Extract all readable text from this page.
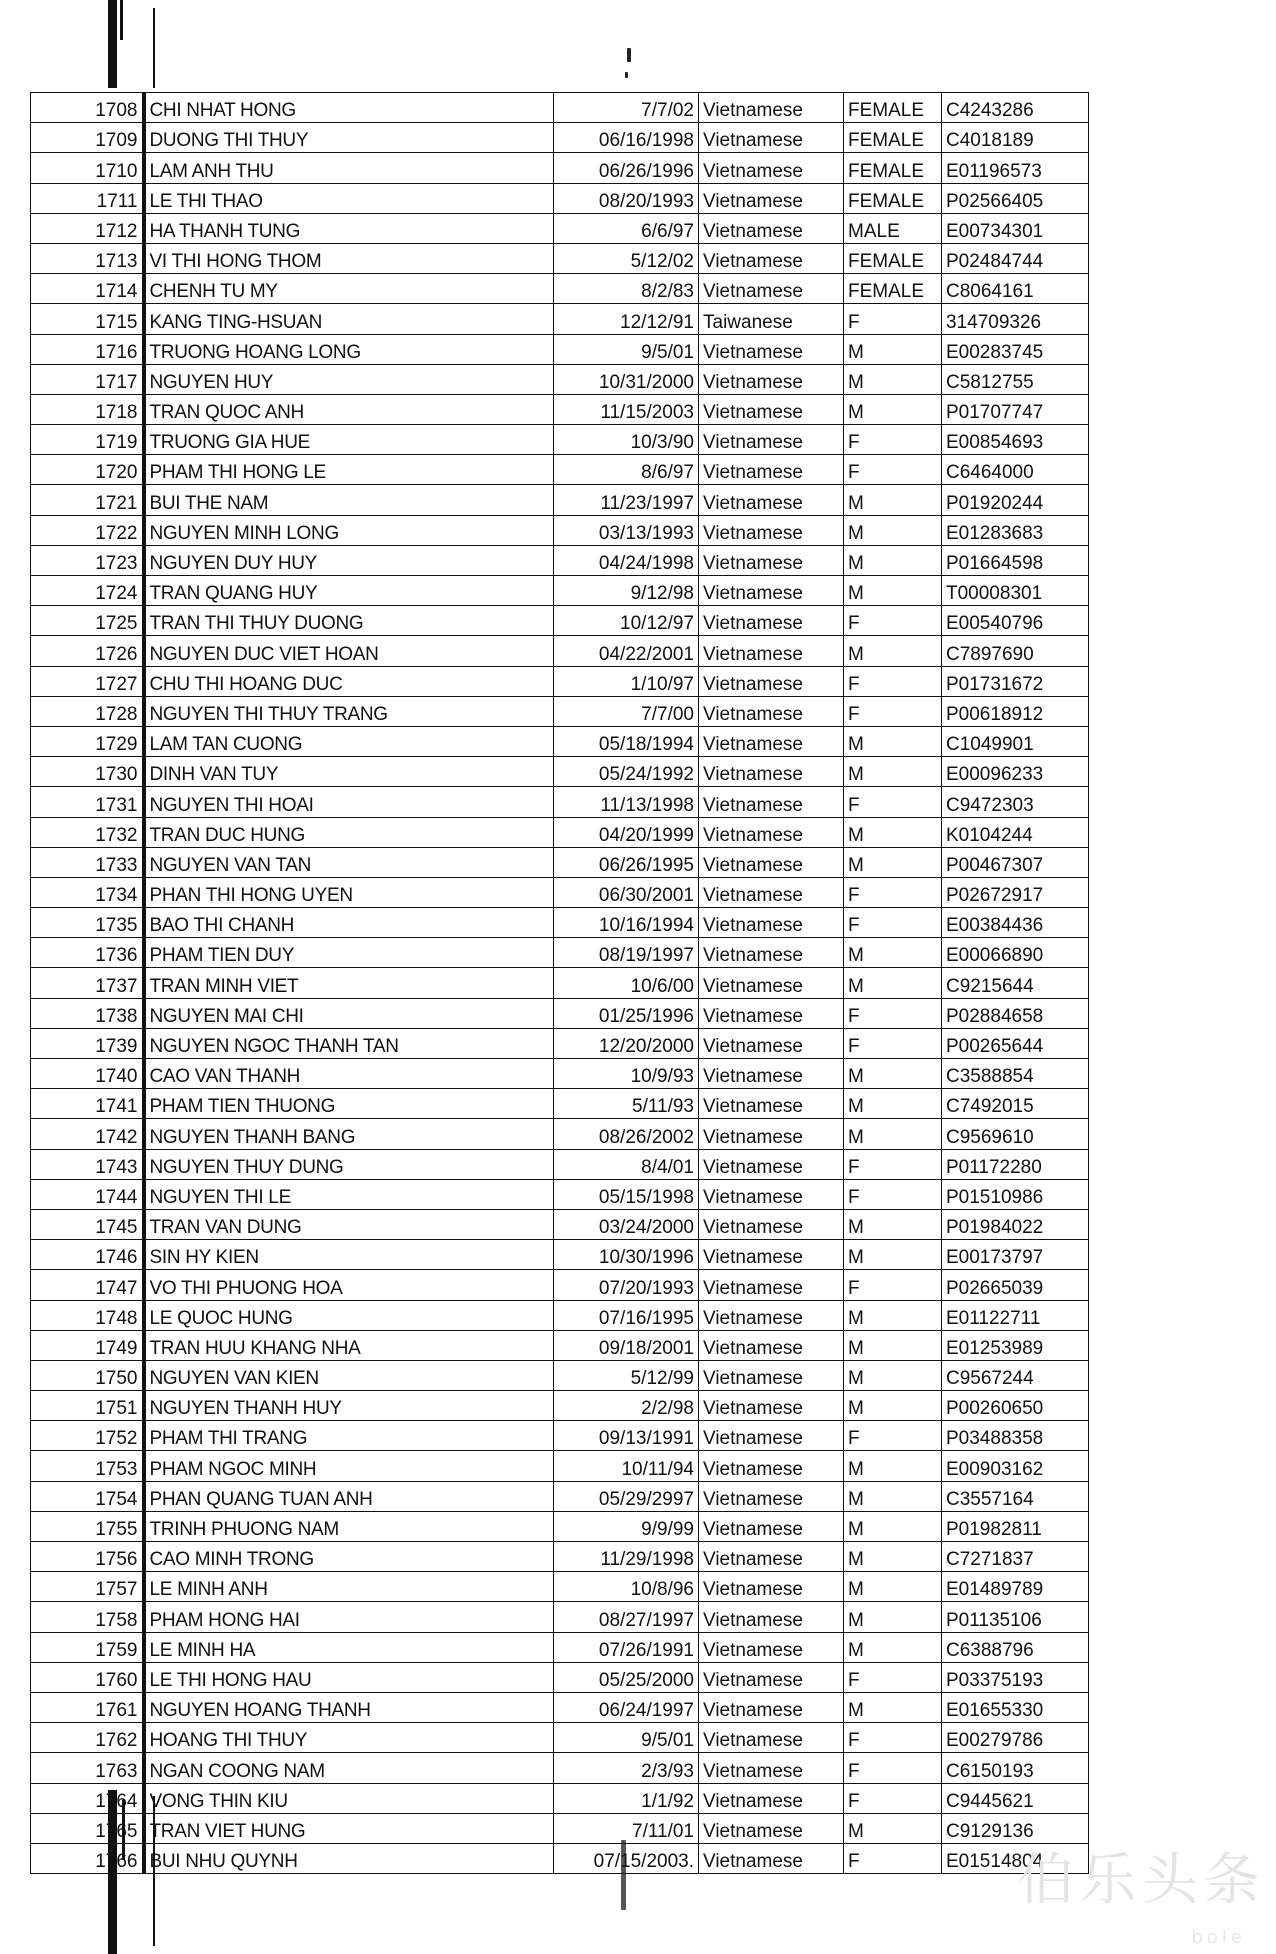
1708	CHI NHAT HONG	7/7/02	Vietnamese	FEMALE	C4243286
1709	DUONG THI THUY	06/16/1998	Vietnamese	FEMALE	C4018189
1710	LAM ANH THU	06/26/1996	Vietnamese	FEMALE	E01196573
1711	LE THI THAO	08/20/1993	Vietnamese	FEMALE	P02566405
1712	HA THANH TUNG	6/6/97	Vietnamese	MALE	E00734301
1713	VI THI HONG THOM	5/12/02	Vietnamese	FEMALE	P02484744
1714	CHENH TU MY	8/2/83	Vietnamese	FEMALE	C8064161
1715	KANG TING-HSUAN	12/12/91	Taiwanese	F	314709326
1716	TRUONG HOANG LONG	9/5/01	Vietnamese	M	E00283745
1717	NGUYEN HUY	10/31/2000	Vietnamese	M	C5812755
1718	TRAN QUOC ANH	11/15/2003	Vietnamese	M	P01707747
1719	TRUONG GIA HUE	10/3/90	Vietnamese	F	E00854693
1720	PHAM THI HONG LE	8/6/97	Vietnamese	F	C6464000
1721	BUI THE NAM	11/23/1997	Vietnamese	M	P01920244
1722	NGUYEN MINH LONG	03/13/1993	Vietnamese	M	E01283683
1723	NGUYEN DUY HUY	04/24/1998	Vietnamese	M	P01664598
1724	TRAN QUANG HUY	9/12/98	Vietnamese	M	T00008301
1725	TRAN THI THUY DUONG	10/12/97	Vietnamese	F	E00540796
1726	NGUYEN DUC VIET HOAN	04/22/2001	Vietnamese	M	C7897690
1727	CHU THI HOANG DUC	1/10/97	Vietnamese	F	P01731672
1728	NGUYEN THI THUY TRANG	7/7/00	Vietnamese	F	P00618912
1729	LAM TAN CUONG	05/18/1994	Vietnamese	M	C1049901
1730	DINH VAN TUY	05/24/1992	Vietnamese	M	E00096233
1731	NGUYEN THI HOAI	11/13/1998	Vietnamese	F	C9472303
1732	TRAN DUC HUNG	04/20/1999	Vietnamese	M	K0104244
1733	NGUYEN VAN TAN	06/26/1995	Vietnamese	M	P00467307
1734	PHAN THI HONG UYEN	06/30/2001	Vietnamese	F	P02672917
1735	BAO THI CHANH	10/16/1994	Vietnamese	F	E00384436
1736	PHAM TIEN DUY	08/19/1997	Vietnamese	M	E00066890
1737	TRAN MINH VIET	10/6/00	Vietnamese	M	C9215644
1738	NGUYEN MAI CHI	01/25/1996	Vietnamese	F	P02884658
1739	NGUYEN NGOC THANH TAN	12/20/2000	Vietnamese	F	P00265644
1740	CAO VAN THANH	10/9/93	Vietnamese	M	C3588854
1741	PHAM TIEN THUONG	5/11/93	Vietnamese	M	C7492015
1742	NGUYEN THANH BANG	08/26/2002	Vietnamese	M	C9569610
1743	NGUYEN THUY DUNG	8/4/01	Vietnamese	F	P01172280
1744	NGUYEN THI LE	05/15/1998	Vietnamese	F	P01510986
1745	TRAN VAN DUNG	03/24/2000	Vietnamese	M	P01984022
1746	SIN HY KIEN	10/30/1996	Vietnamese	M	E00173797
1747	VO THI PHUONG HOA	07/20/1993	Vietnamese	F	P02665039
1748	LE QUOC HUNG	07/16/1995	Vietnamese	M	E01122711
1749	TRAN HUU KHANG NHA	09/18/2001	Vietnamese	M	E01253989
1750	NGUYEN VAN KIEN	5/12/99	Vietnamese	M	C9567244
1751	NGUYEN THANH HUY	2/2/98	Vietnamese	M	P00260650
1752	PHAM THI TRANG	09/13/1991	Vietnamese	F	P03488358
1753	PHAM NGOC MINH	10/11/94	Vietnamese	M	E00903162
1754	PHAN QUANG TUAN ANH	05/29/2997	Vietnamese	M	C3557164
1755	TRINH PHUONG NAM	9/9/99	Vietnamese	M	P01982811
1756	CAO MINH TRONG	11/29/1998	Vietnamese	M	C7271837
1757	LE MINH ANH	10/8/96	Vietnamese	M	E01489789
1758	PHAM HONG HAI	08/27/1997	Vietnamese	M	P01135106
1759	LE MINH HA	07/26/1991	Vietnamese	M	C6388796
1760	LE THI HONG HAU	05/25/2000	Vietnamese	F	P03375193
1761	NGUYEN HOANG THANH	06/24/1997	Vietnamese	M	E01655330
1762	HOANG THI THUY	9/5/01	Vietnamese	F	E00279786
1763	NGAN COONG NAM	2/3/93	Vietnamese	F	C6150193
1764	VONG THIN KIU	1/1/92	Vietnamese	F	C9445621
1765	TRAN VIET HUNG	7/11/01	Vietnamese	M	C9129136
1766	BUI NHU QUYNH	07/15/2003.	Vietnamese	F	E01514804
伯乐头条
bole
